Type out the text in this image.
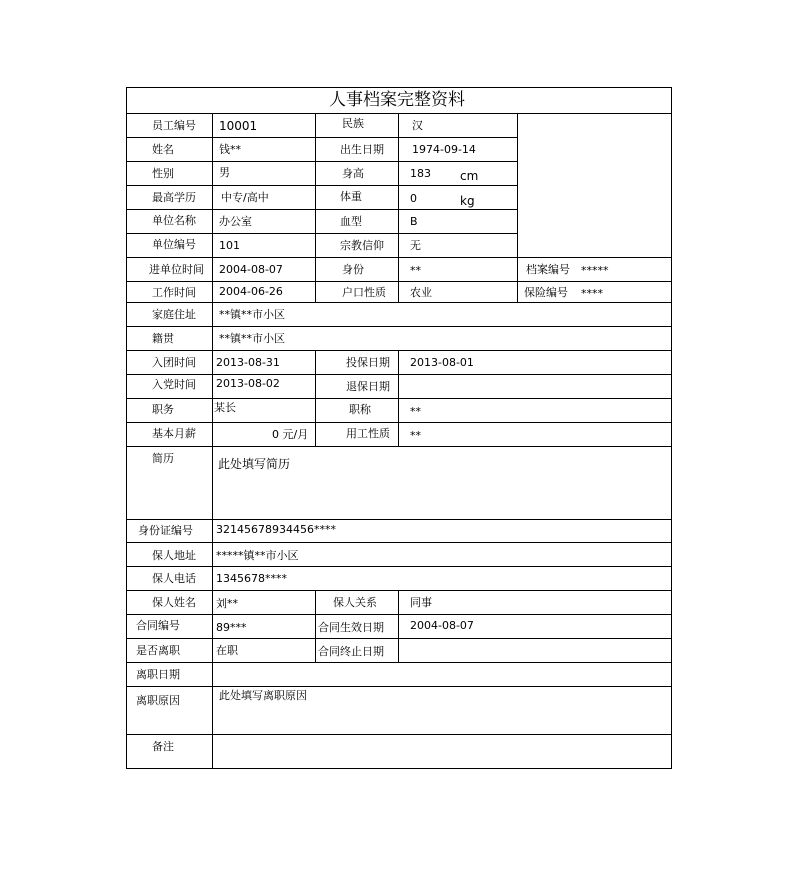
人事档案完整资料
员工编号 10001	民族	汉
姓名	钱**	出生日期	1974-09-14
性别	男	身高	183 cm
最高学历 中专/高中	体重	0	kg
单位名称 办公室	血型	B
单位编号 101	宗教信仰 无
进单位时间 2004-08-07	身份	**	档案编号 *****
工作时间 2004-06-26	户口性质 农业	保险编号 ****
家庭住址 **镇**市小区
籍贯	**镇**市小区
入团时间 2013-08-31	投保日期 2013-08-01
入党时间 2013-08-02	退保日期
职务	某长	职称	**
基本月薪	0 元/月	用工性质 **
简历	此处填写简历
身份证编号 32145678934456****
保人地址 *****镇**市小区
保人电话 1345678****
保人姓名 刘**	保人关系	同事
合同编号	89***	合同生效日期 2004-08-07
是否离职	在职	合同终止日期
离职日期
离职原因	此处填写离职原因
备注
